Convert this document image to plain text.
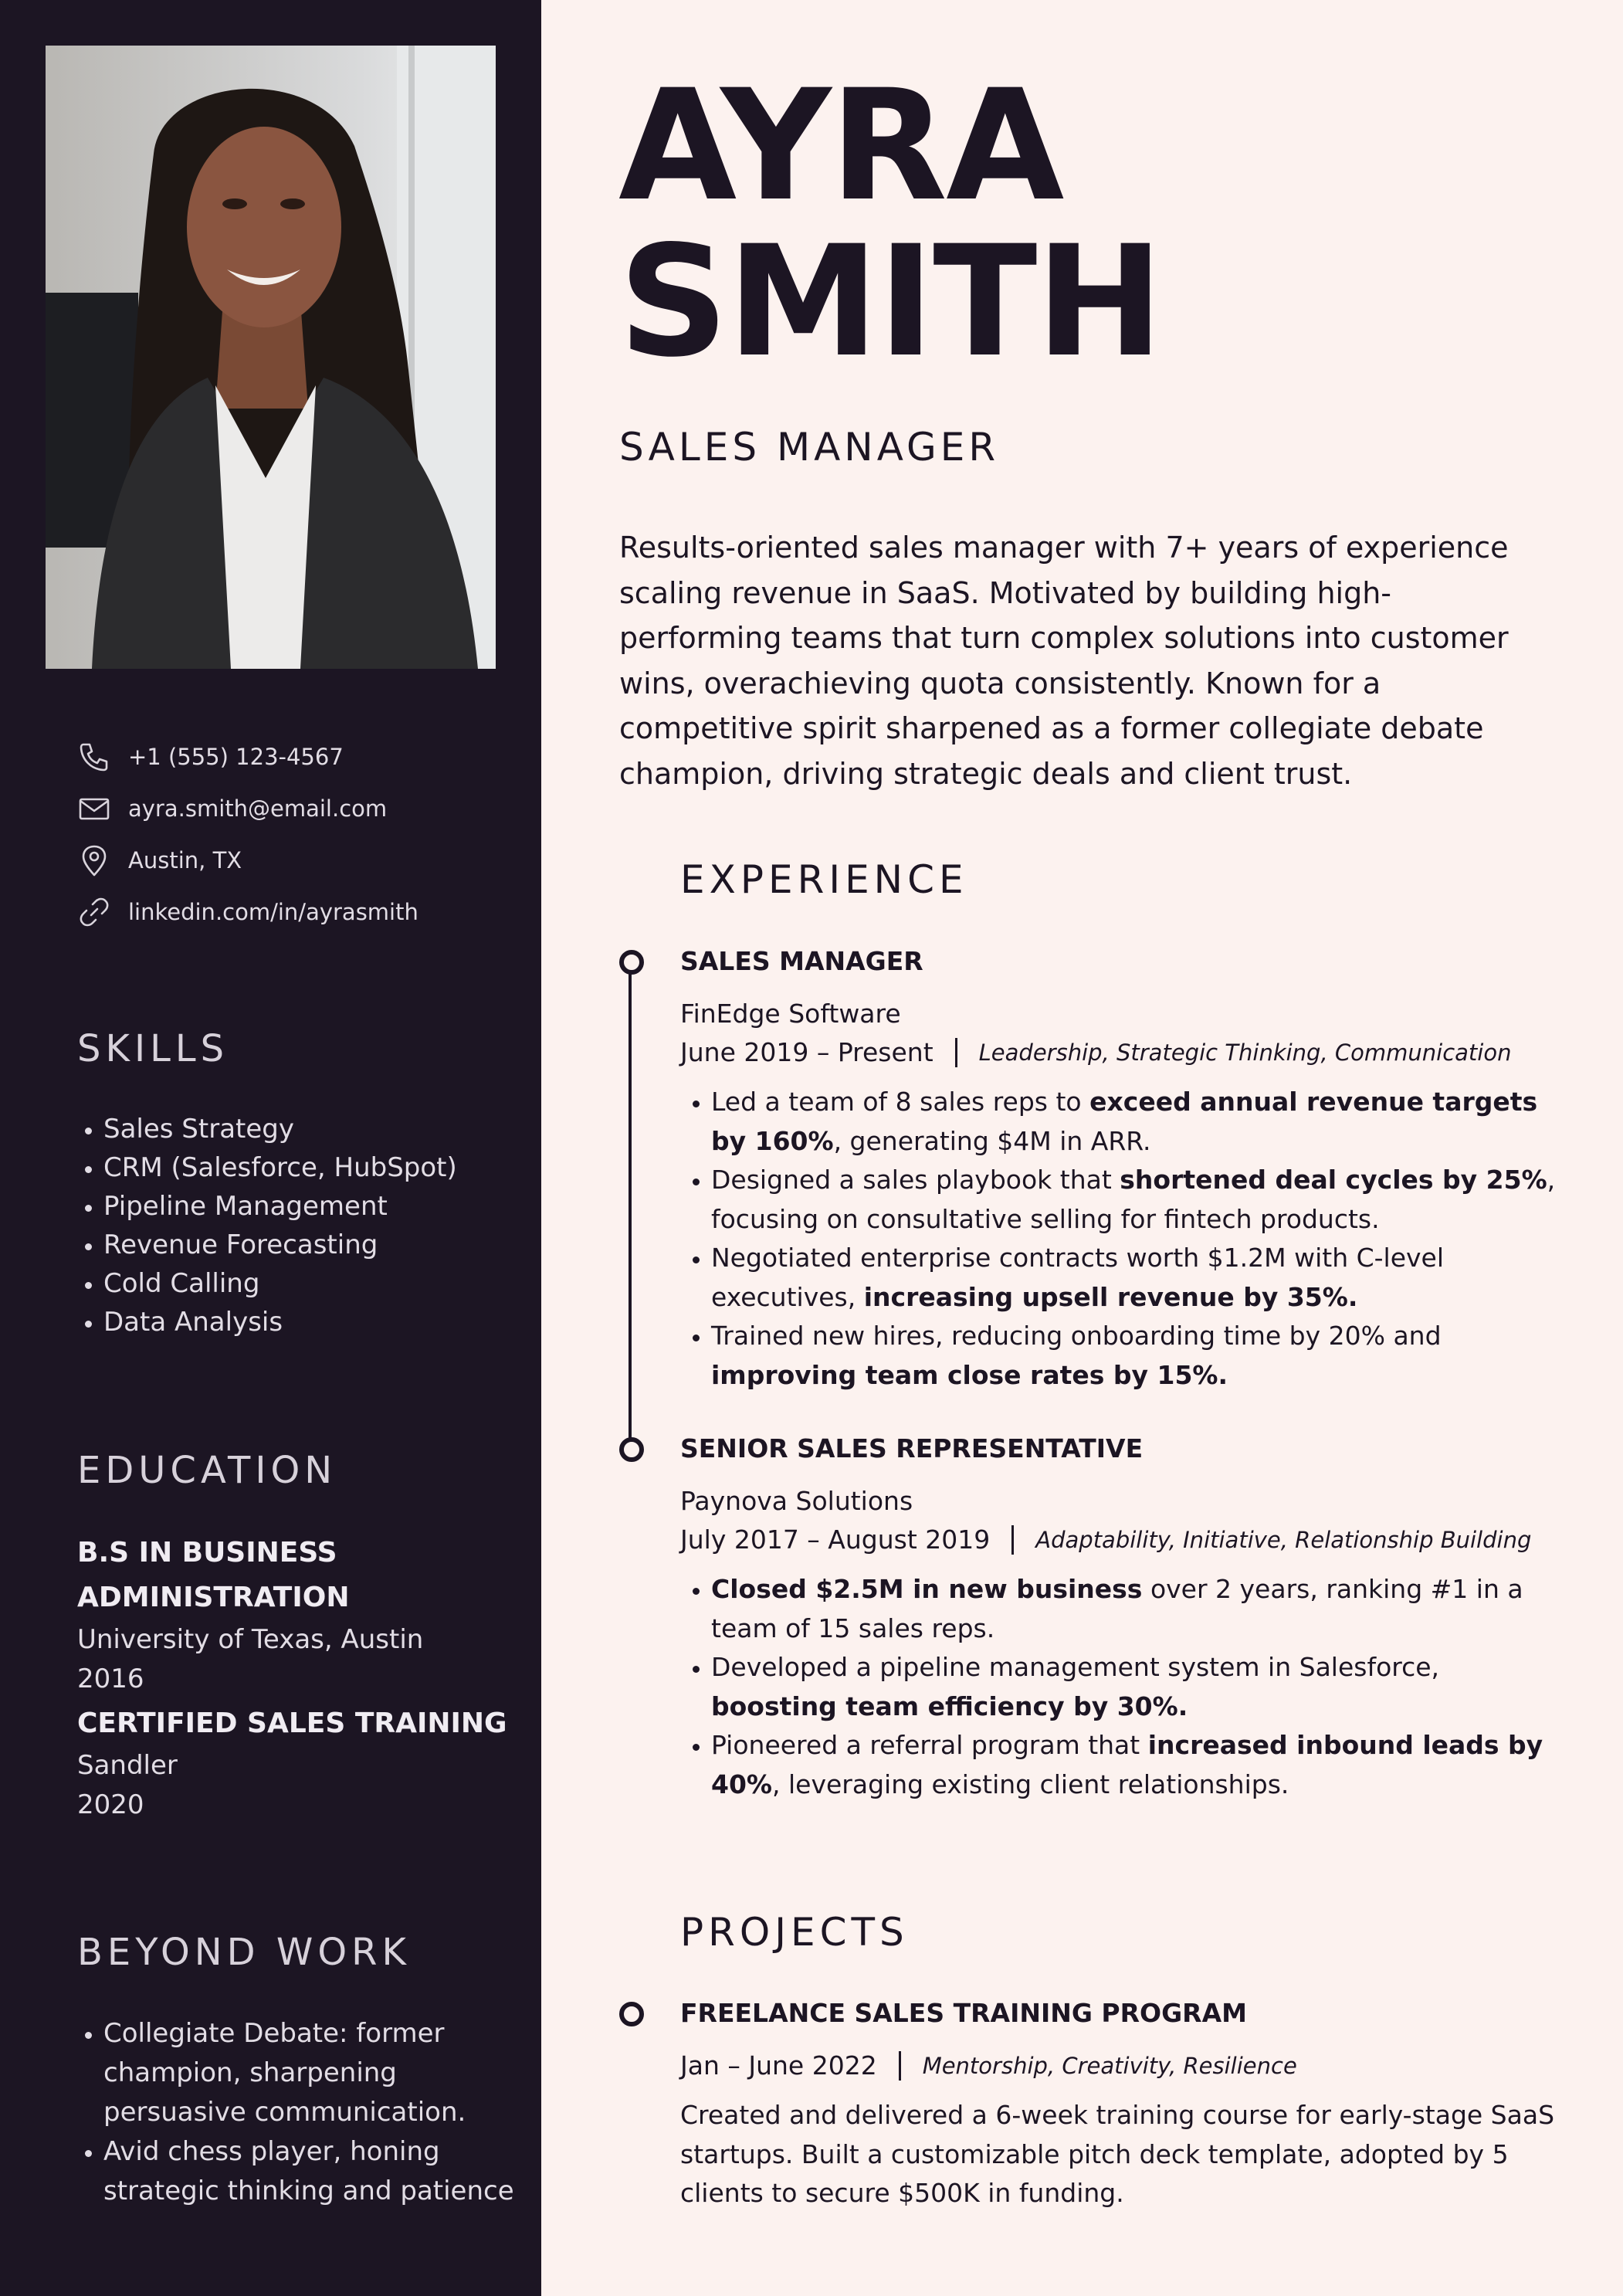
+1 (555) 123-4567
ayra.smith@email.com
Austin, TX
linkedin.com/in/ayrasmith
SKILLS
• Sales Strategy
• CRM (Salesforce, HubSpot)
• Pipeline Management
• Revenue Forecasting
• Cold Calling
• Data Analysis
EDUCATION
B.S IN BUSINESS ADMINISTRATION
University of Texas, Austin
2016
CERTIFIED SALES TRAINING
Sandler
2020
BEYOND WORK
• Collegiate Debate: former champion, sharpening persuasive communication.
• Avid chess player, honing strategic thinking and patience
AYRA
SMITH
SALES MANAGER
Results-oriented sales manager with 7+ years of experience scaling revenue in SaaS. Motivated by building high-performing teams that turn complex solutions into customer wins, overachieving quota consistently. Known for a competitive spirit sharpened as a former collegiate debate champion, driving strategic deals and client trust.
EXPERIENCE
SALES MANAGER
FinEdge Software
June 2019 – Present Leadership, Strategic Thinking, Communication
• Led a team of 8 sales reps to exceed annual revenue targets by 160%, generating $4M in ARR.
• Designed a sales playbook that shortened deal cycles by 25%, focusing on consultative selling for fintech products.
• Negotiated enterprise contracts worth $1.2M with C-level executives, increasing upsell revenue by 35%.
• Trained new hires, reducing onboarding time by 20% and improving team close rates by 15%.
SENIOR SALES REPRESENTATIVE
Paynova Solutions
July 2017 – August 2019 Adaptability, Initiative, Relationship Building
• Closed $2.5M in new business over 2 years, ranking #1 in a team of 15 sales reps.
• Developed a pipeline management system in Salesforce, boosting team efficiency by 30%.
• Pioneered a referral program that increased inbound leads by 40%, leveraging existing client relationships.
PROJECTS
FREELANCE SALES TRAINING PROGRAM
Jan – June 2022 Mentorship, Creativity, Resilience
Created and delivered a 6-week training course for early-stage SaaS startups. Built a customizable pitch deck template, adopted by 5 clients to secure $500K in funding.
